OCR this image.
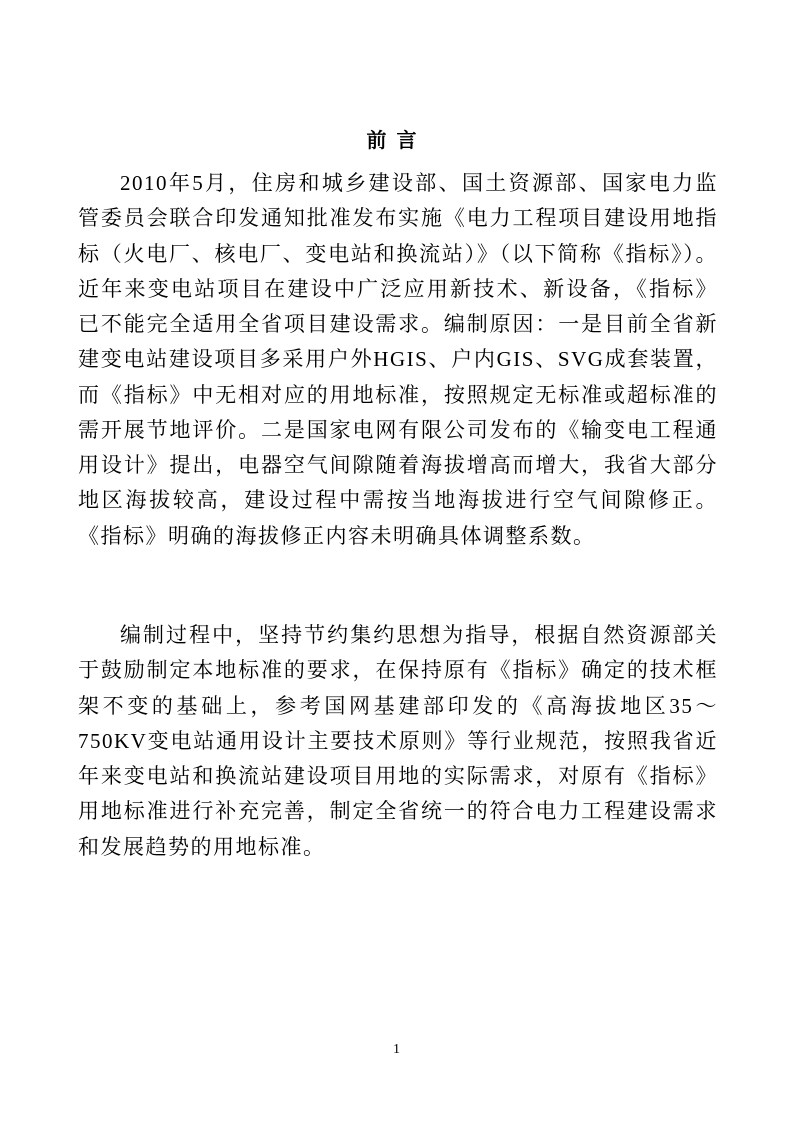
前言

2010年5月，住房和城乡建设部、国土资源部、国家电力监管委员会联合印发通知批准发布实施《电力工程项目建设用地指标（火电厂、核电厂、变电站和换流站）》（以下简称《指标》）。近年来变电站项目在建设中广泛应用新技术、新设备，《指标》已不能完全适用全省项目建设需求。编制原因：一是目前全省新建变电站建设项目多采用户外HGIS、户内GIS、SVG成套装置，而《指标》中无相对应的用地标准，按照规定无标准或超标准的需开展节地评价。二是国家电网有限公司发布的《输变电工程通用设计》提出，电器空气间隙随着海拔增高而增大，我省大部分地区海拔较高，建设过程中需按当地海拔进行空气间隙修正。《指标》明确的海拔修正内容未明确具体调整系数。

编制过程中，坚持节约集约思想为指导，根据自然资源部关于鼓励制定本地标准的要求，在保持原有《指标》确定的技术框架不变的基础上，参考国网基建部印发的《高海拔地区35～750KV变电站通用设计主要技术原则》等行业规范，按照我省近年来变电站和换流站建设项目用地的实际需求，对原有《指标》用地标准进行补充完善，制定全省统一的符合电力工程建设需求和发展趋势的用地标准。

1
